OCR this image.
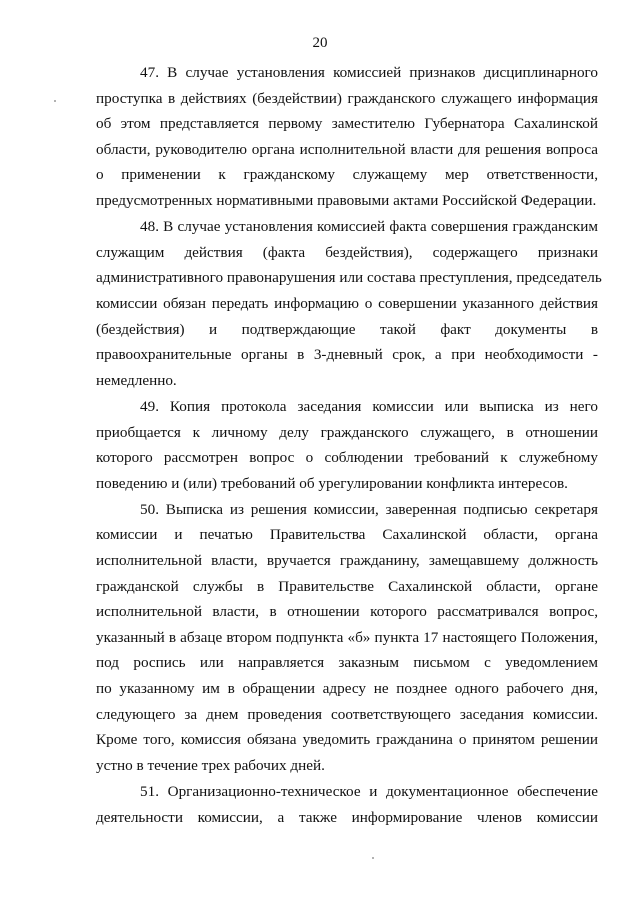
20
47. В случае установления комиссией признаков дисциплинарного
проступка в действиях (бездействии) гражданского служащего информация
об этом представляется первому заместителю Губернатора Сахалинской
области, руководителю органа исполнительной власти для решения вопроса
о применении к гражданскому служащему мер ответственности,
предусмотренных нормативными правовыми актами Российской Федерации.
48. В случае установления комиссией факта совершения гражданским
служащим действия (факта бездействия), содержащего признаки
административного правонарушения или состава преступления, председатель
комиссии обязан передать информацию о совершении указанного действия
(бездействия) и подтверждающие такой факт документы в
правоохранительные органы в 3-дневный срок, а при необходимости -
немедленно.
49. Копия протокола заседания комиссии или выписка из него
приобщается к личному делу гражданского служащего, в отношении
которого рассмотрен вопрос о соблюдении требований к служебному
поведению и (или) требований об урегулировании конфликта интересов.
50. Выписка из решения комиссии, заверенная подписью секретаря
комиссии и печатью Правительства Сахалинской области, органа
исполнительной власти, вручается гражданину, замещавшему должность
гражданской службы в Правительстве Сахалинской области, органе
исполнительной власти, в отношении которого рассматривался вопрос,
указанный в абзаце втором подпункта «б» пункта 17 настоящего Положения,
под роспись или направляется заказным письмом с уведомлением
по указанному им в обращении адресу не позднее одного рабочего дня,
следующего за днем проведения соответствующего заседания комиссии.
Кроме того, комиссия обязана уведомить гражданина о принятом решении
устно в течение трех рабочих дней.
51. Организационно-техническое и документационное обеспечение
деятельности комиссии, а также информирование членов комиссии
